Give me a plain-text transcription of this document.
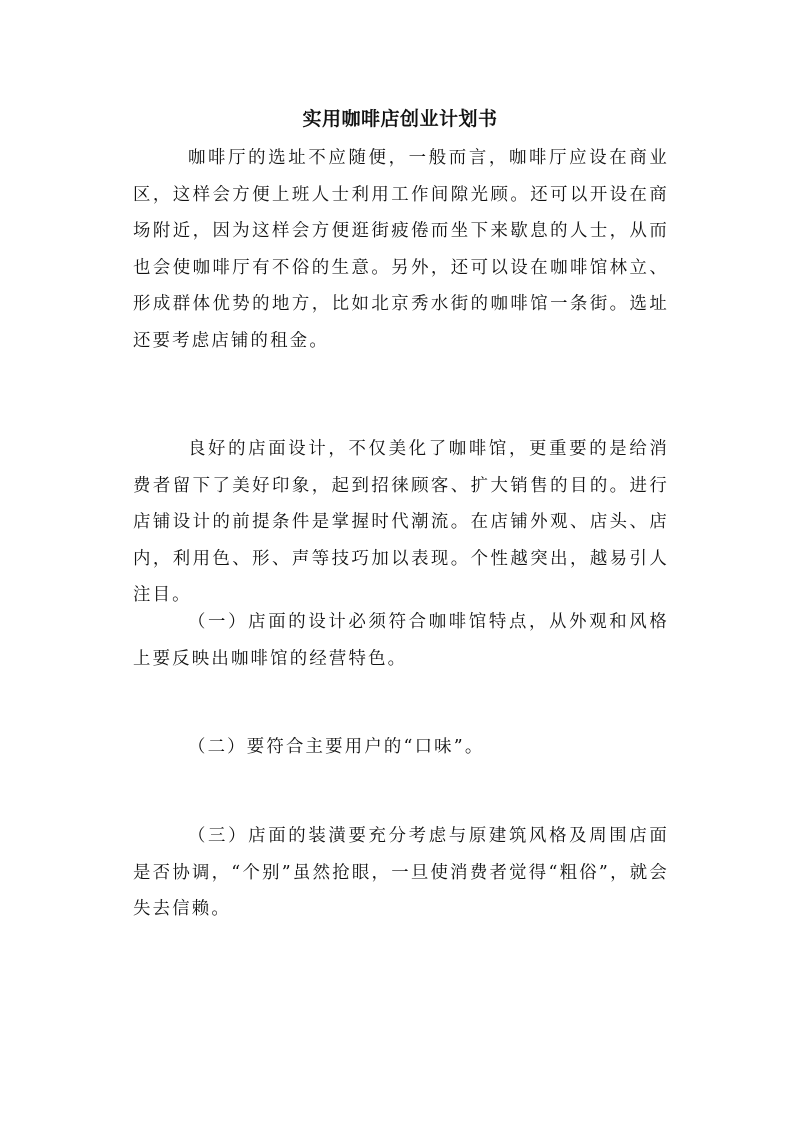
实用咖啡店创业计划书
咖啡厅的选址不应随便，一般而言，咖啡厅应设在商业区，这样会方便上班人士利用工作间隙光顾。还可以开设在商场附近，因为这样会方便逛街疲倦而坐下来歇息的人士，从而也会使咖啡厅有不俗的生意。另外，还可以设在咖啡馆林立、形成群体优势的地方，比如北京秀水街的咖啡馆一条街。选址还要考虑店铺的租金。
良好的店面设计，不仅美化了咖啡馆，更重要的是给消费者留下了美好印象，起到招徕顾客、扩大销售的目的。进行店铺设计的前提条件是掌握时代潮流。在店铺外观、店头、店内，利用色、形、声等技巧加以表现。个性越突出，越易引人注目。
（一）店面的设计必须符合咖啡馆特点，从外观和风格上要反映出咖啡馆的经营特色。
（二）要符合主要用户的“口味”。
（三）店面的装潢要充分考虑与原建筑风格及周围店面是否协调，“个别”虽然抢眼，一旦使消费者觉得“粗俗”，就会失去信赖。
